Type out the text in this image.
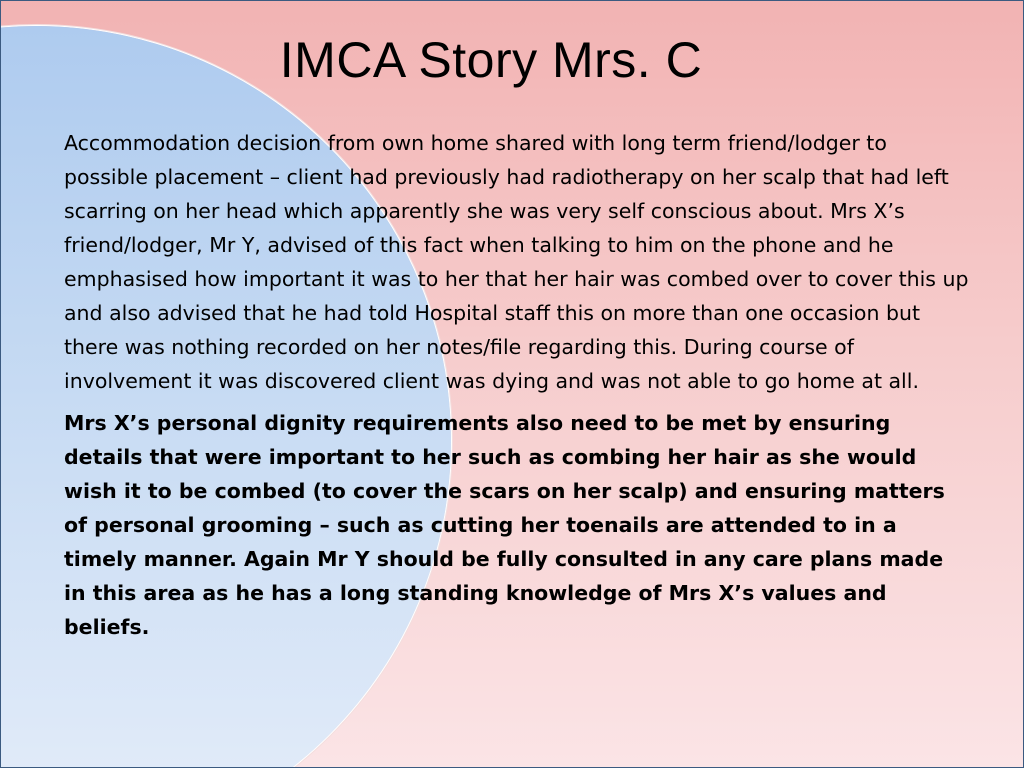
IMCA Story Mrs. C

Accommodation decision from own home shared with long term friend/lodger to possible placement – client had previously had radiotherapy on her scalp that had left scarring on her head which apparently she was very self conscious about. Mrs X’s friend/lodger, Mr Y, advised of this fact when talking to him on the phone and he emphasised how important it was to her that her hair was combed over to cover this up and also advised that he had told Hospital staff this on more than one occasion but there was nothing recorded on her notes/file regarding this. During course of involvement it was discovered client was dying and was not able to go home at all.

Mrs X’s personal dignity requirements also need to be met by ensuring details that were important to her such as combing her hair as she would wish it to be combed (to cover the scars on her scalp) and ensuring matters of personal grooming – such as cutting her toenails are attended to in a timely manner. Again Mr Y should be fully consulted in any care plans made in this area as he has a long standing knowledge of Mrs X’s values and beliefs.
